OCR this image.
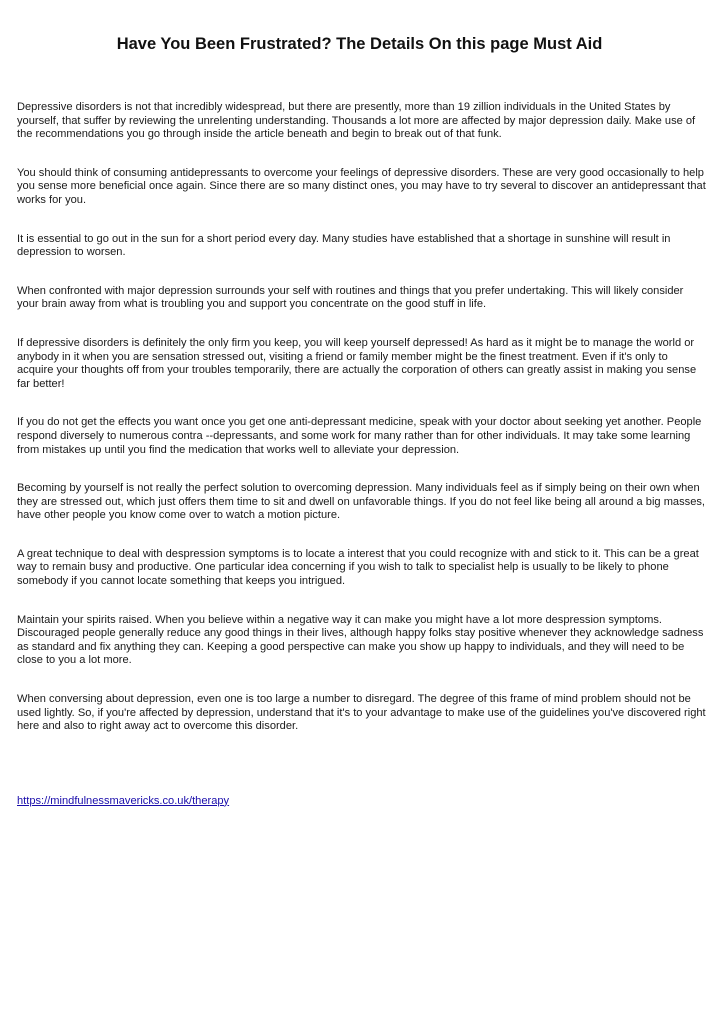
Have You Been Frustrated? The Details On this page Must Aid

Depressive disorders is not that incredibly widespread, but there are presently, more than 19 zillion individuals in the United States by yourself, that suffer by reviewing the unrelenting understanding. Thousands a lot more are affected by major depression daily. Make use of the recommendations you go through inside the article beneath and begin to break out of that funk.

You should think of consuming antidepressants to overcome your feelings of depressive disorders. These are very good occasionally to help you sense more beneficial once again. Since there are so many distinct ones, you may have to try several to discover an antidepressant that works for you.

It is essential to go out in the sun for a short period every day. Many studies have established that a shortage in sunshine will result in depression to worsen.

When confronted with major depression surrounds your self with routines and things that you prefer undertaking. This will likely consider your brain away from what is troubling you and support you concentrate on the good stuff in life.

If depressive disorders is definitely the only firm you keep, you will keep yourself depressed! As hard as it might be to manage the world or anybody in it when you are sensation stressed out, visiting a friend or family member might be the finest treatment. Even if it's only to acquire your thoughts off from your troubles temporarily, there are actually the corporation of others can greatly assist in making you sense far better!

If you do not get the effects you want once you get one anti-depressant medicine, speak with your doctor about seeking yet another. People respond diversely to numerous contra --depressants, and some work for many rather than for other individuals. It may take some learning from mistakes up until you find the medication that works well to alleviate your depression.

Becoming by yourself is not really the perfect solution to overcoming depression. Many individuals feel as if simply being on their own when they are stressed out, which just offers them time to sit and dwell on unfavorable things. If you do not feel like being all around a big masses, have other people you know come over to watch a motion picture.

A great technique to deal with despression symptoms is to locate a interest that you could recognize with and stick to it. This can be a great way to remain busy and productive. One particular idea concerning if you wish to talk to specialist help is usually to be likely to phone somebody if you cannot locate something that keeps you intrigued.

Maintain your spirits raised. When you believe within a negative way it can make you might have a lot more despression symptoms. Discouraged people generally reduce any good things in their lives, although happy folks stay positive whenever they acknowledge sadness as standard and fix anything they can. Keeping a good perspective can make you show up happy to individuals, and they will need to be close to you a lot more.

When conversing about depression, even one is too large a number to disregard. The degree of this frame of mind problem should not be used lightly. So, if you're affected by depression, understand that it's to your advantage to make use of the guidelines you've discovered right here and also to right away act to overcome this disorder.

https://mindfulnessmavericks.co.uk/therapy
